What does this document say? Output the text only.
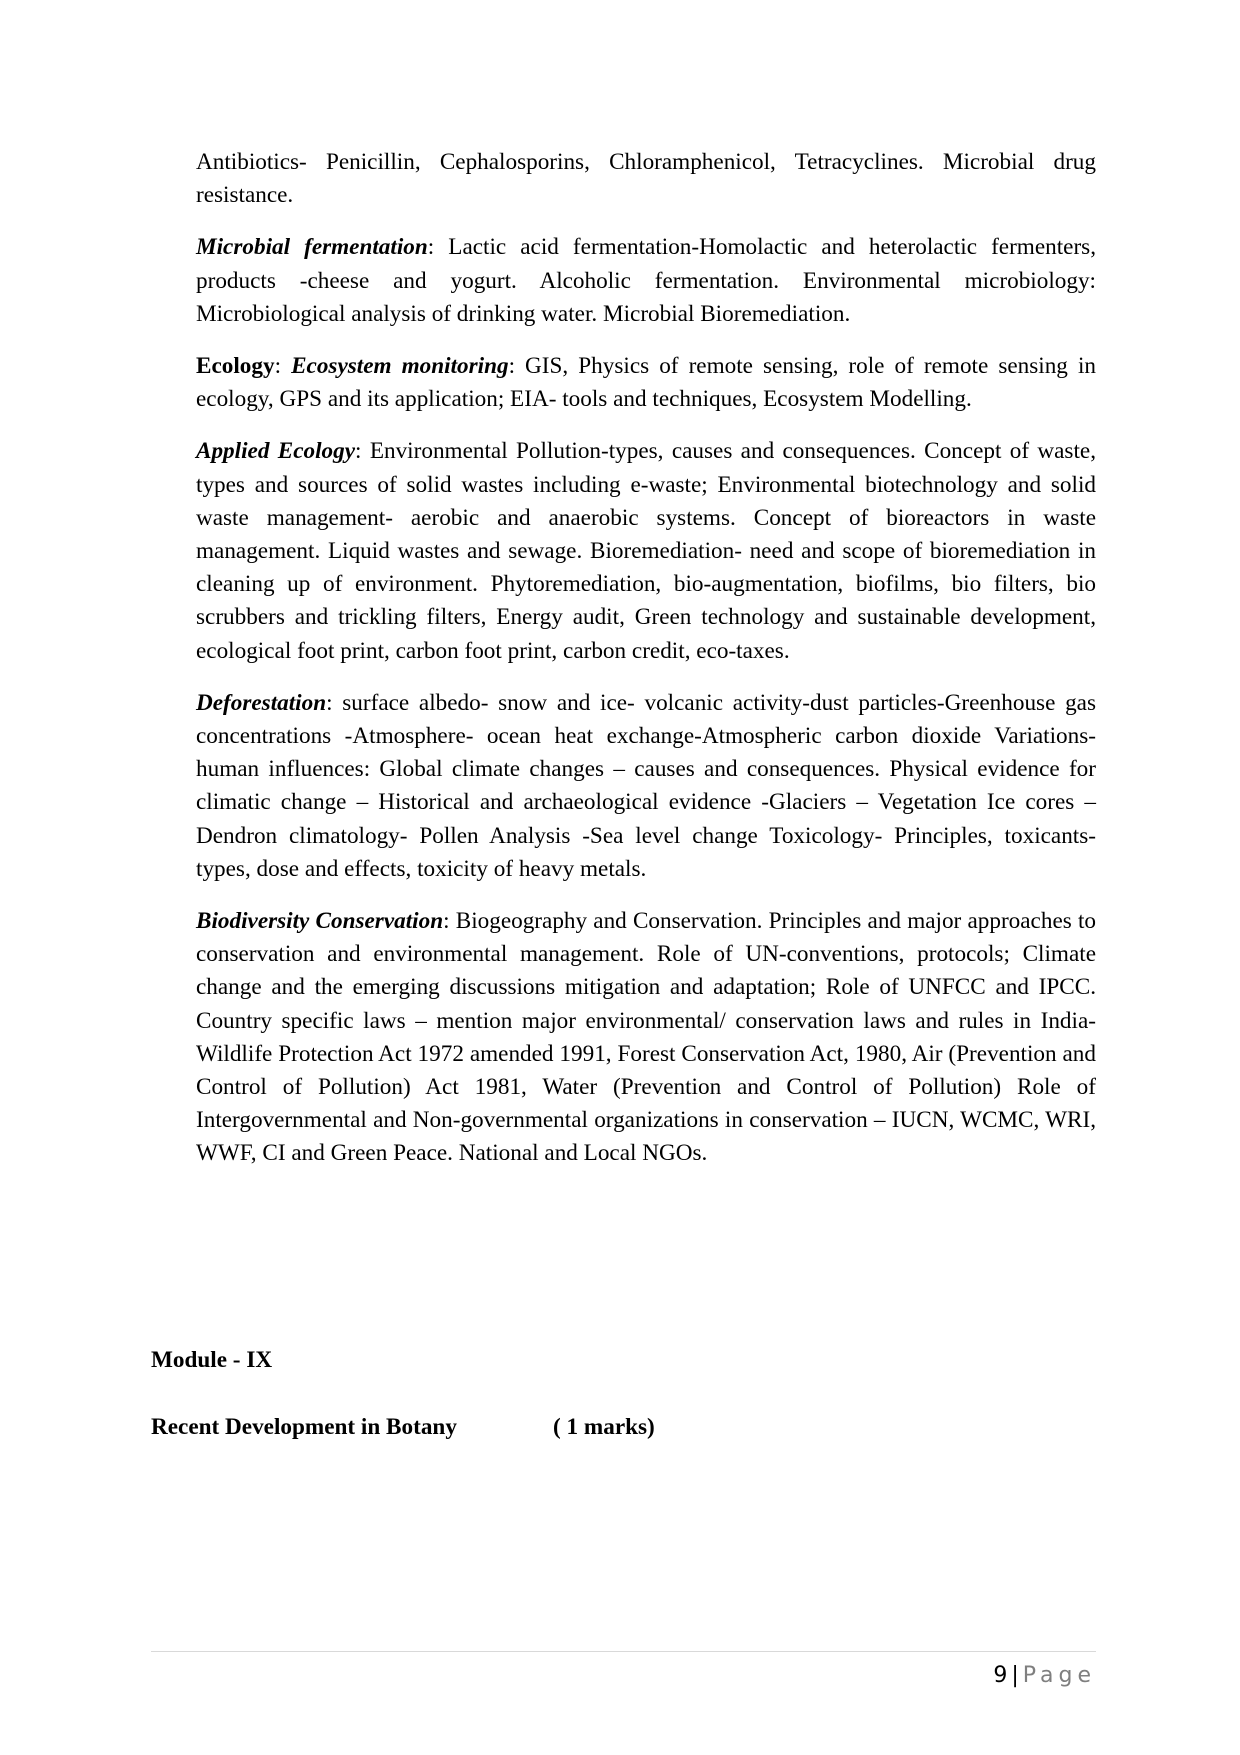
Antibiotics- Penicillin, Cephalosporins, Chloramphenicol, Tetracyclines. Microbial drug resistance.

Microbial fermentation: Lactic acid fermentation-Homolactic and heterolactic fermenters, products -cheese and yogurt. Alcoholic fermentation. Environmental microbiology: Microbiological analysis of drinking water. Microbial Bioremediation.

Ecology: Ecosystem monitoring: GIS, Physics of remote sensing, role of remote sensing in ecology, GPS and its application; EIA- tools and techniques, Ecosystem Modelling.

Applied Ecology: Environmental Pollution-types, causes and consequences. Concept of waste, types and sources of solid wastes including e-waste; Environmental biotechnology and solid waste management- aerobic and anaerobic systems. Concept of bioreactors in waste management. Liquid wastes and sewage. Bioremediation- need and scope of bioremediation in cleaning up of environment. Phytoremediation, bio-augmentation, biofilms, bio filters, bio scrubbers and trickling filters, Energy audit, Green technology and sustainable development, ecological foot print, carbon foot print, carbon credit, eco-taxes.

Deforestation: surface albedo- snow and ice- volcanic activity-dust particles-Greenhouse gas concentrations -Atmosphere- ocean heat exchange-Atmospheric carbon dioxide Variations- human influences: Global climate changes – causes and consequences. Physical evidence for climatic change – Historical and archaeological evidence -Glaciers – Vegetation Ice cores – Dendron climatology- Pollen Analysis -Sea level change Toxicology- Principles, toxicants- types, dose and effects, toxicity of heavy metals.

Biodiversity Conservation: Biogeography and Conservation. Principles and major approaches to conservation and environmental management. Role of UN-conventions, protocols; Climate change and the emerging discussions mitigation and adaptation; Role of UNFCC and IPCC. Country specific laws – mention major environmental/ conservation laws and rules in India-Wildlife Protection Act 1972 amended 1991, Forest Conservation Act, 1980, Air (Prevention and Control of Pollution) Act 1981, Water (Prevention and Control of Pollution) Role of Intergovernmental and Non-governmental organizations in conservation – IUCN, WCMC, WRI, WWF, CI and Green Peace. National and Local NGOs.

Module - IX
Recent Development in Botany	( 1 marks)
9 | Page
